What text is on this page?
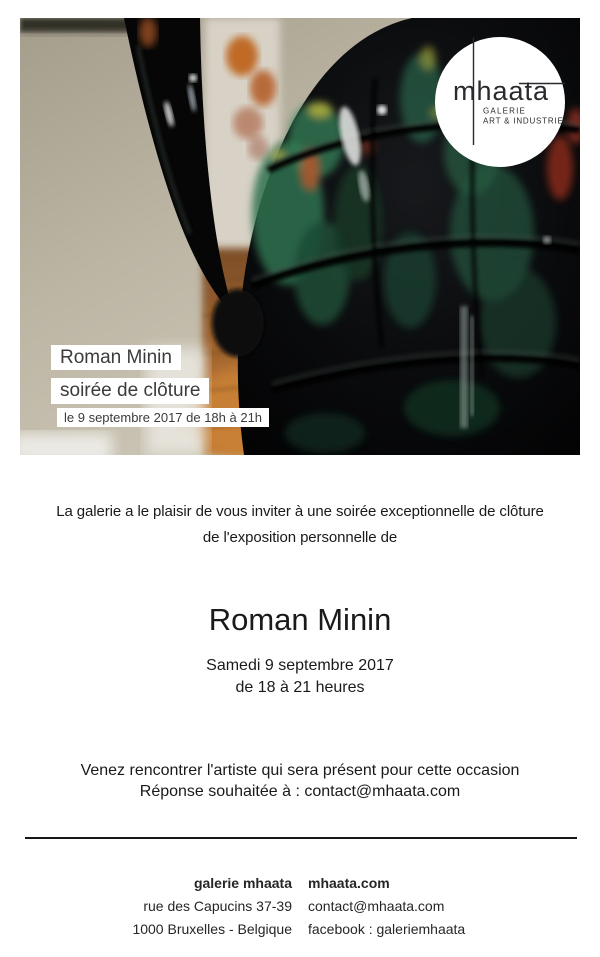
mhaata
GALERIE
ART & INDUSTRIE
Roman Minin
soirée de clôture
le 9 septembre 2017 de 18h à 21h
La galerie a le plaisir de vous inviter à une soirée exceptionnelle de clôture
de l'exposition personnelle de
Roman Minin
Samedi 9 septembre 2017
de 18 à 21 heures
Venez rencontrer l'artiste qui sera présent pour cette occasion
Réponse souhaitée à : contact@mhaata.com
galerie mhaata
rue des Capucins 37-39
1000 Bruxelles - Belgique
mhaata.com
contact@mhaata.com
facebook : galeriemhaata
